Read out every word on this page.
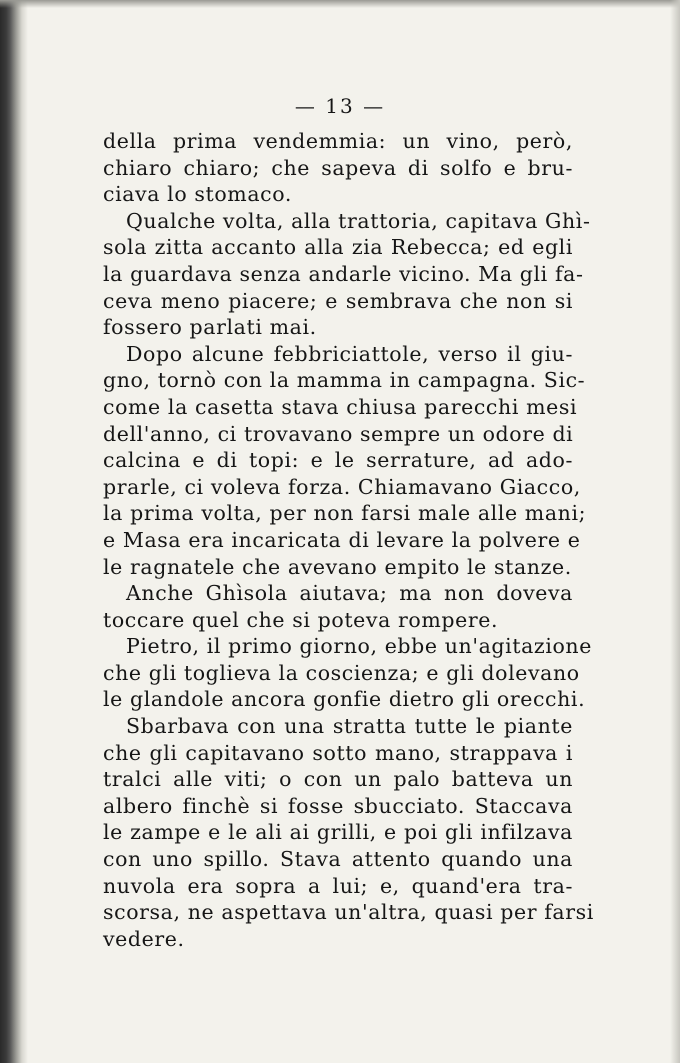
— 13 —

della prima vendemmia: un vino, però,
chiaro chiaro; che sapeva di solfo e bru-
ciava lo stomaco.

Qualche volta, alla trattoria, capitava Ghì-
sola zitta accanto alla zia Rebecca; ed egli
la guardava senza andarle vicino. Ma gli fa-
ceva meno piacere; e sembrava che non si
fossero parlati mai.

Dopo alcune febbriciattole, verso il giu-
gno, tornò con la mamma in campagna. Sic-
come la casetta stava chiusa parecchi mesi
dell'anno, ci trovavano sempre un odore di
calcina e di topi: e le serrature, ad ado-
prarle, ci voleva forza. Chiamavano Giacco,
la prima volta, per non farsi male alle mani;
e Masa era incaricata di levare la polvere e
le ragnatele che avevano empito le stanze.

Anche Ghìsola aiutava; ma non doveva
toccare quel che si poteva rompere.

Pietro, il primo giorno, ebbe un'agitazione
che gli toglieva la coscienza; e gli dolevano
le glandole ancora gonfie dietro gli orecchi.

Sbarbava con una stratta tutte le piante
che gli capitavano sotto mano, strappava i
tralci alle viti; o con un palo batteva un
albero finchè si fosse sbucciato. Staccava
le zampe e le ali ai grilli, e poi gli infilzava
con uno spillo. Stava attento quando una
nuvola era sopra a lui; e, quand'era tra-
scorsa, ne aspettava un'altra, quasi per farsi
vedere.
